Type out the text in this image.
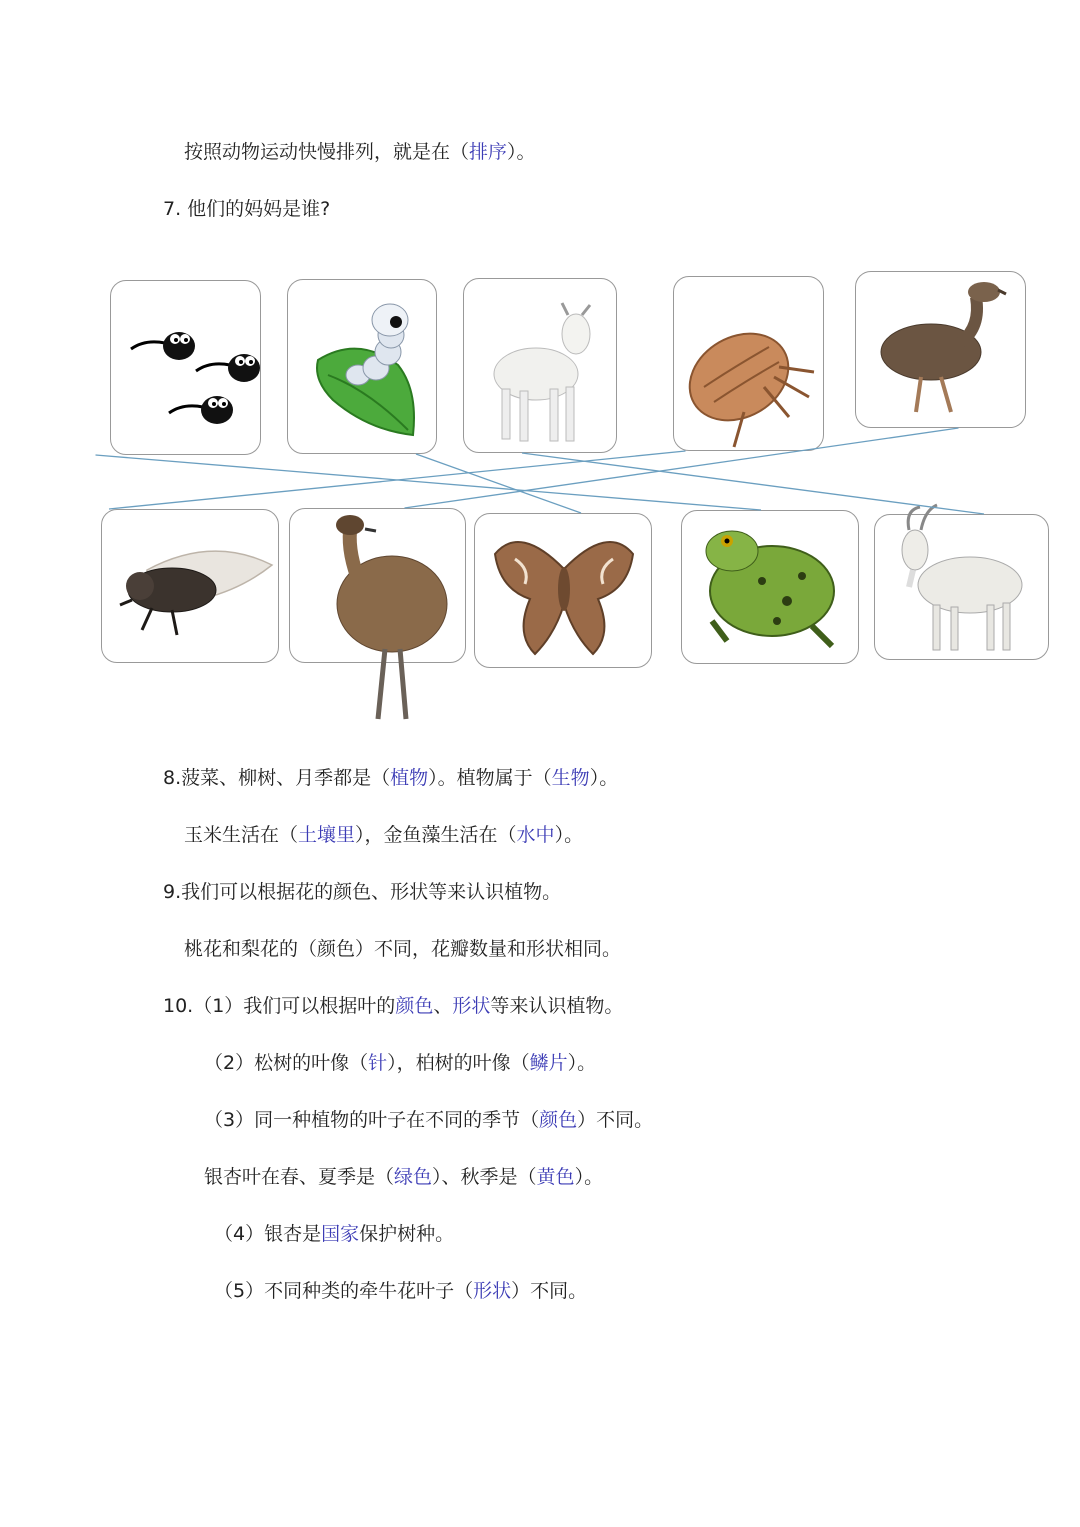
按照动物运动快慢排列，就是在（排序）。
7. 他们的妈妈是谁?
8.菠菜、柳树、月季都是（植物）。植物属于（生物）。
玉米生活在（土壤里），金鱼藻生活在（水中）。
9.我们可以根据花的颜色、形状等来认识植物。
桃花和梨花的（颜色）不同，花瓣数量和形状相同。
10.（1）我们可以根据叶的颜色、形状等来认识植物。
（2）松树的叶像（针），柏树的叶像（鳞片）。
（3）同一种植物的叶子在不同的季节（颜色）不同。
银杏叶在春、夏季是（绿色）、秋季是（黄色）。
（4）银杏是国家保护树种。
（5）不同种类的牵牛花叶子（形状）不同。
